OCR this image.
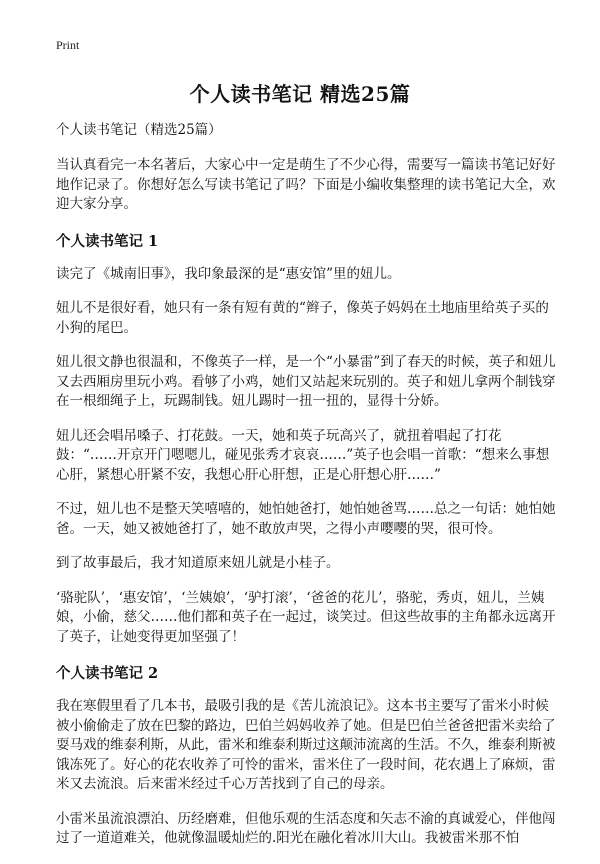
Print
个人读书笔记 精选25篇
个人读书笔记（精选25篇）

当认真看完一本名著后，大家心中一定是萌生了不少心得，需要写一篇读书笔记好好地作记录了。你想好怎么写读书笔记了吗？下面是小编收集整理的读书笔记大全，欢迎大家分享。

个人读书笔记 1

读完了《城南旧事》，我印象最深的是“惠安馆”里的妞儿。

妞儿不是很好看，她只有一条有短有黄的“辫子，像英子妈妈在土地庙里给英子买的小狗的尾巴。

妞儿很文静也很温和，不像英子一样，是一个“小暴雷”到了春天的时候，英子和妞儿又去西厢房里玩小鸡。看够了小鸡，她们又站起来玩别的。英子和妞儿拿两个制钱穿在一根细绳子上，玩踢制钱。妞儿踢时一扭一扭的，显得十分娇。

妞儿还会唱吊嗓子、打花鼓。一天，她和英子玩高兴了，就扭着唱起了打花鼓：“……开京开门嗯嗯儿，碰见张秀才哀哀……”英子也会唱一首歌：“想来么事想心肝，紧想心肝紧不安，我想心肝心肝想，正是心肝想心肝……”

不过，妞儿也不是整天笑嘻嘻的，她怕她爸打，她怕她爸骂……总之一句话：她怕她爸。一天，她又被她爸打了，她不敢放声哭，之得小声嘤嘤的哭，很可怜。

到了故事最后，我才知道原来妞儿就是小桂子。

‘骆驼队’，‘惠安馆’，‘兰姨娘’，‘驴打滚’，‘爸爸的花儿’，骆驼，秀贞，妞儿，兰姨娘，小偷，慈父……他们都和英子在一起过，谈笑过。但这些故事的主角都永远离开了英子，让她变得更加坚强了！

个人读书笔记 2

我在寒假里看了几本书，最吸引我的是《苦儿流浪记》。这本书主要写了雷米小时候被小偷偷走了放在巴黎的路边，巴伯兰妈妈收养了她。但是巴伯兰爸爸把雷米卖给了耍马戏的维泰利斯，从此，雷米和维泰利斯过这颠沛流离的生活。不久，维泰利斯被饿冻死了。好心的花农收养了可怜的雷米，雷米住了一段时间，花农遇上了麻烦，雷米又去流浪。后来雷米经过千心万苦找到了自己的母亲。

小雷米虽流浪漂泊、历经磨难，但他乐观的生活态度和矢志不渝的真诚爱心，伴他闯过了一道道难关，他就像温暖灿烂的.阳光在融化着冰川大山。我被雷米那不怕
